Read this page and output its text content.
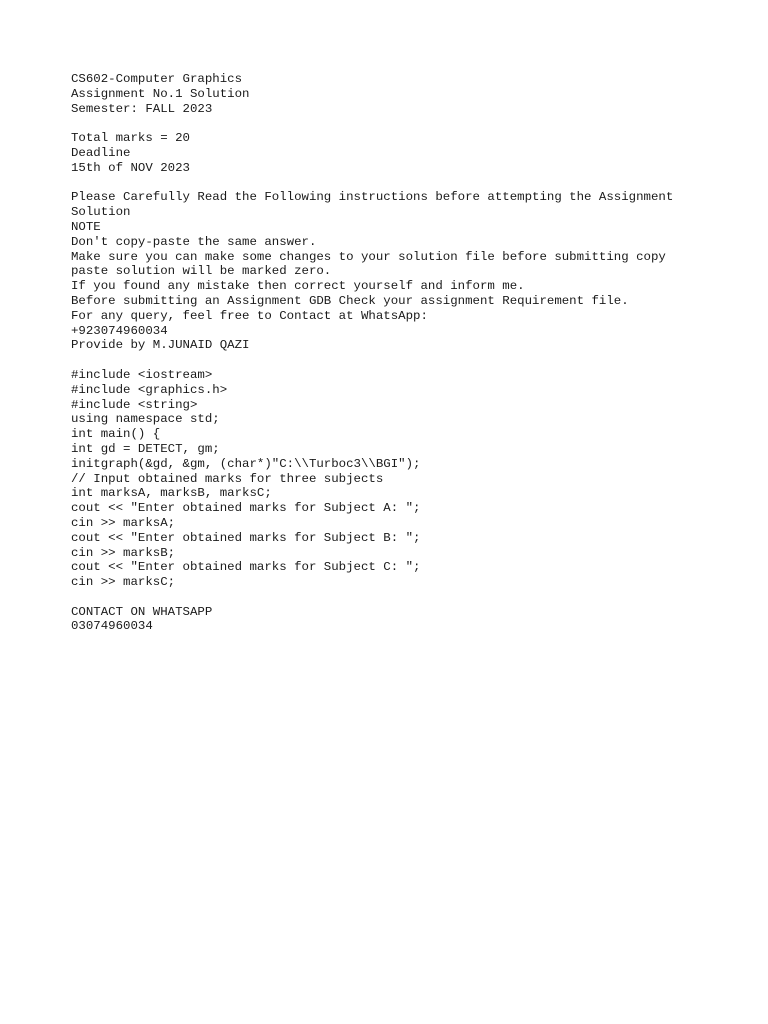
CS602-Computer Graphics
Assignment No.1 Solution
Semester: FALL 2023
Total marks = 20
Deadline
15th of NOV 2023
Please Carefully Read the Following instructions before attempting the Assignment
Solution
NOTE
Don't copy-paste the same answer.
Make sure you can make some changes to your solution file before submitting copy
paste solution will be marked zero.
If you found any mistake then correct yourself and inform me.
Before submitting an Assignment GDB Check your assignment Requirement file.
For any query, feel free to Contact at WhatsApp:
+923074960034
Provide by M.JUNAID QAZI
#include <iostream>
#include <graphics.h>
#include <string>
using namespace std;
int main() {
int gd = DETECT, gm;
initgraph(&gd, &gm, (char*)"C:\\Turboc3\\BGI");
// Input obtained marks for three subjects
int marksA, marksB, marksC;
cout << "Enter obtained marks for Subject A: ";
cin >> marksA;
cout << "Enter obtained marks for Subject B: ";
cin >> marksB;
cout << "Enter obtained marks for Subject C: ";
cin >> marksC;
CONTACT ON WHATSAPP
03074960034
